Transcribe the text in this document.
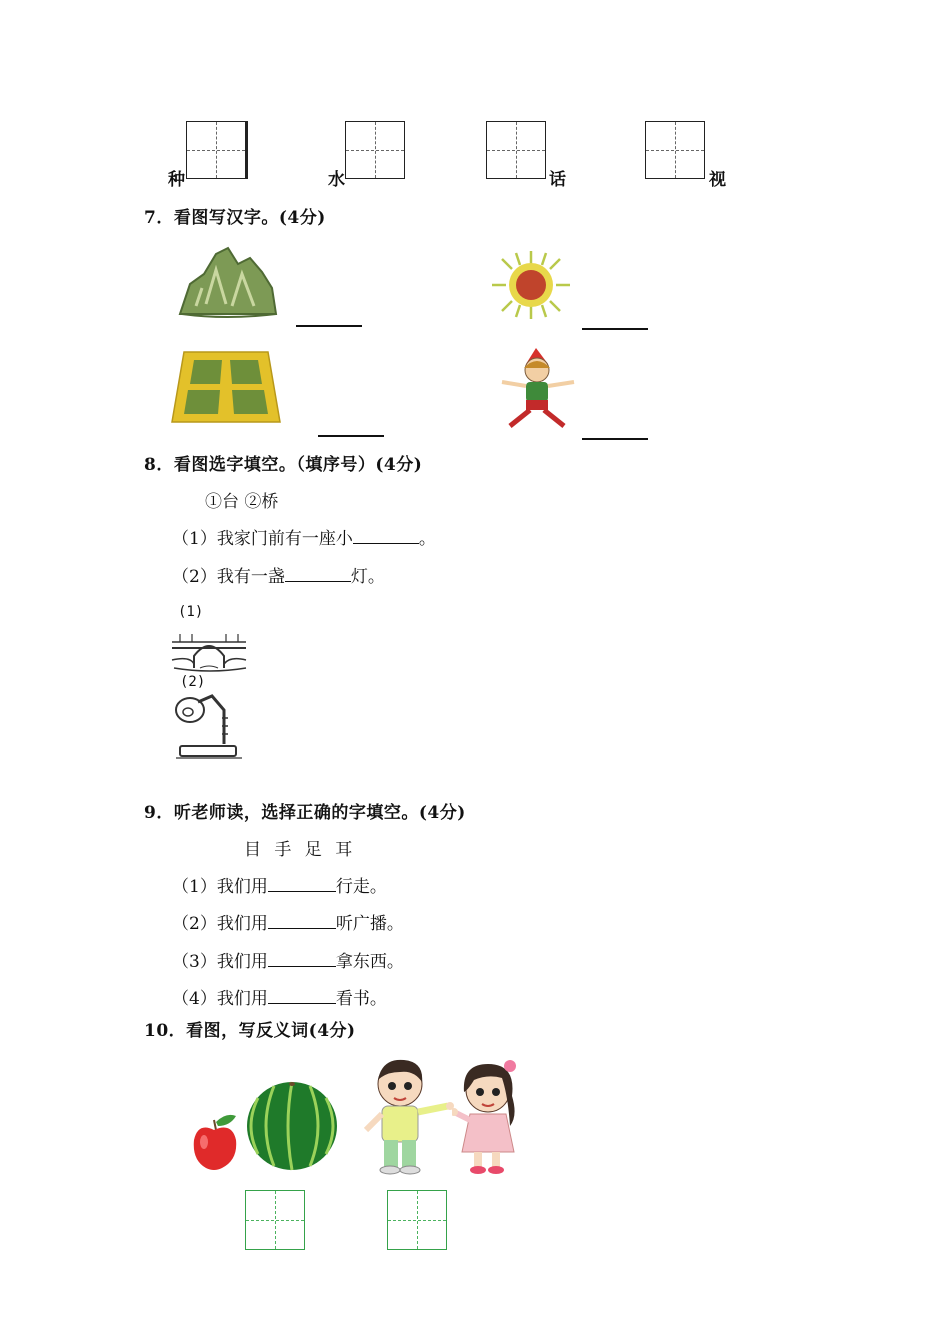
种	水	话	视
7．看图写汉字。(4分)
8．看图选字填空。（填序号）(4分)
①台 ②桥
（1）我家门前有一座小	。
（2）我有一盏	灯。
(1)
(2)
9．听老师读，选择正确的字填空。(4分)
目 手 足 耳
（1）我们用	行走。
（2）我们用	听广播。
（3）我们用	拿东西。
（4）我们用	看书。
10．看图，写反义词(4分)
